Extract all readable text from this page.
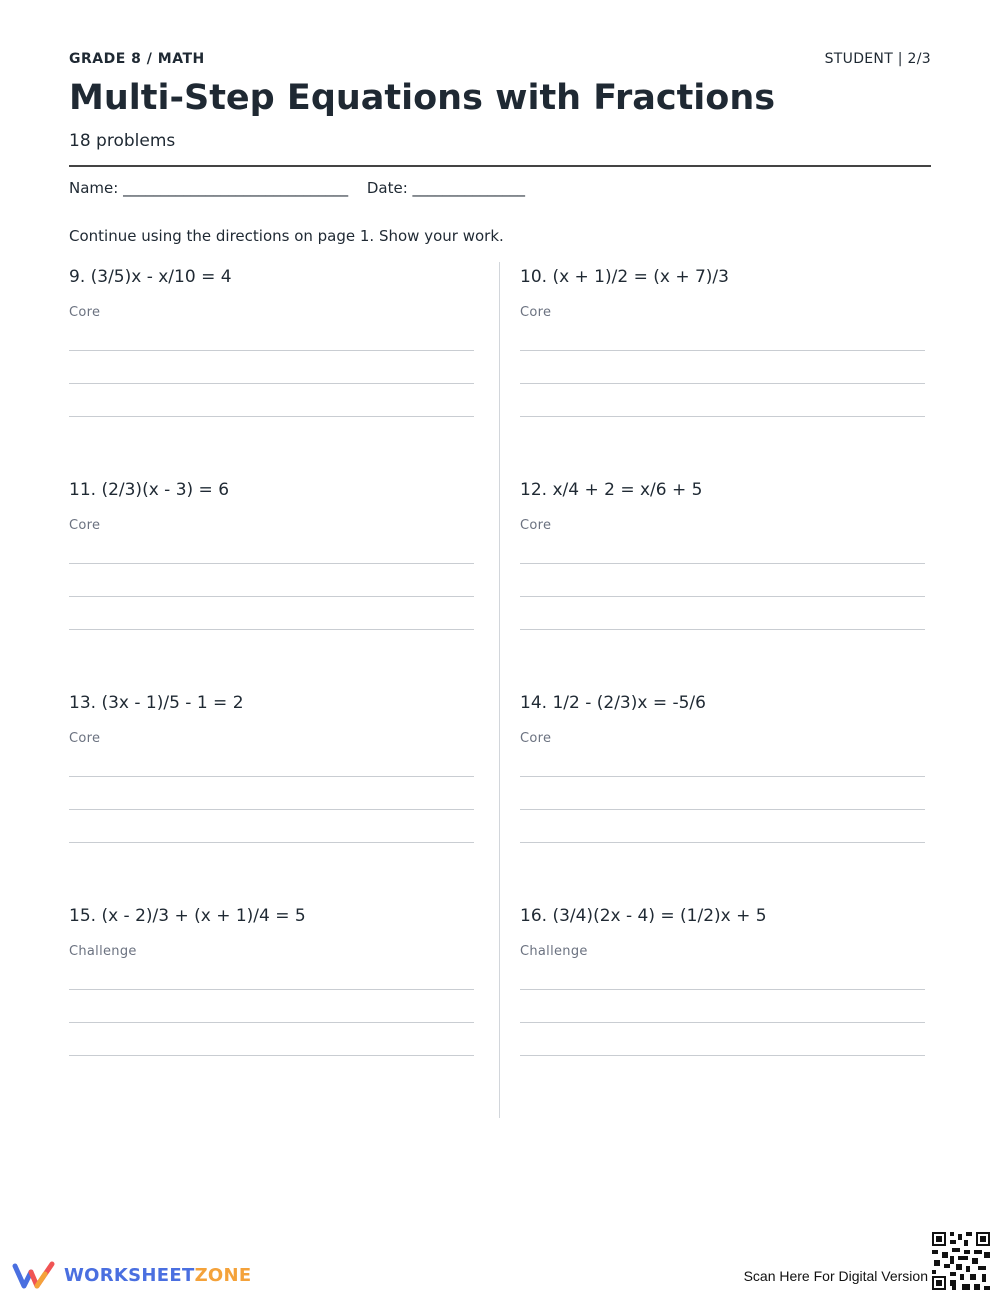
GRADE 8 / MATH	STUDENT | 2/3
Multi-Step Equations with Fractions
18 problems
Name: ______________________________ Date: _______________
Continue using the directions on page 1. Show your work.
9. (3/5)x - x/10 = 4
Core
10. (x + 1)/2 = (x + 7)/3
Core
11. (2/3)(x - 3) = 6
Core
12. x/4 + 2 = x/6 + 5
Core
13. (3x - 1)/5 - 1 = 2
Core
14. 1/2 - (2/3)x = -5/6
Core
15. (x - 2)/3 + (x + 1)/4 = 5
Challenge
16. (3/4)(2x - 4) = (1/2)x + 5
Challenge
WORKSHEETZONE	Scan Here For Digital Version
